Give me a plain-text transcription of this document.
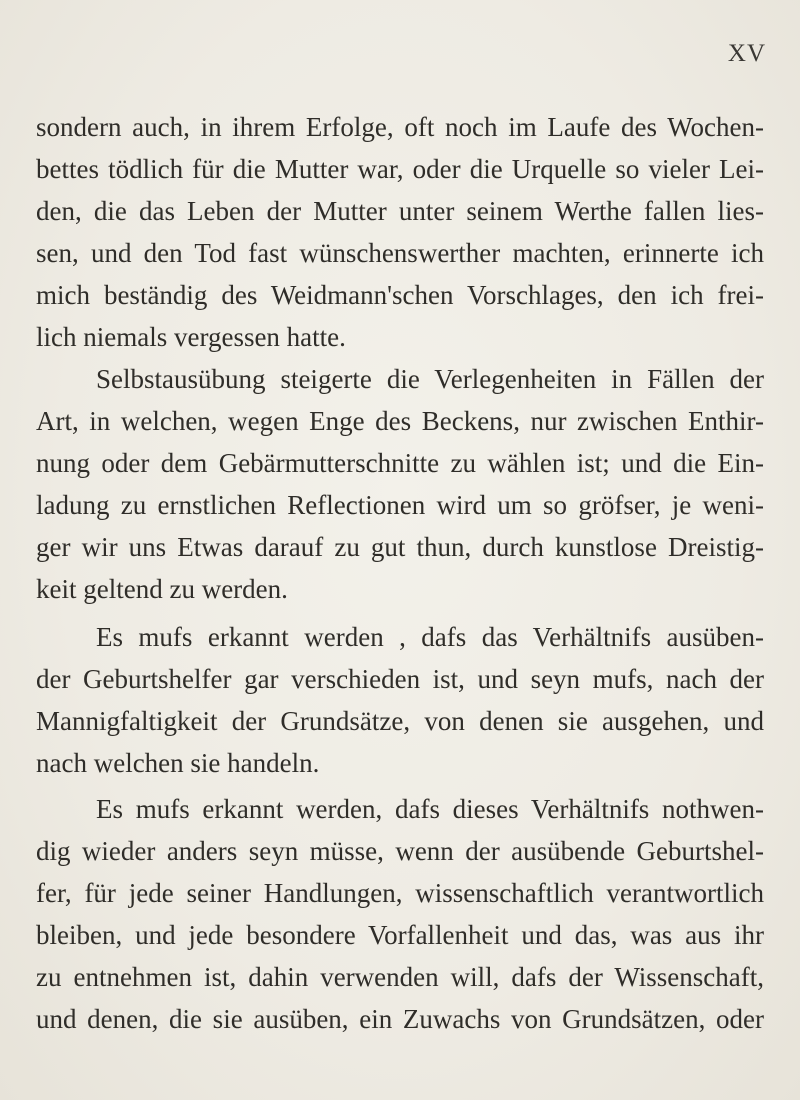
XV
sondern auch, in ihrem Erfolge, oft noch im Laufe des Wochen-
bettes tödlich für die Mutter war, oder die Urquelle so vieler Lei-
den, die das Leben der Mutter unter seinem Werthe fallen lies-
sen, und den Tod fast wünschenswerther machten, erinnerte ich
mich beständig des Weidmann'schen Vorschlages, den ich frei-
lich niemals vergessen hatte.
Selbstausübung steigerte die Verlegenheiten in Fällen der
Art, in welchen, wegen Enge des Beckens, nur zwischen Enthir-
nung oder dem Gebärmutterschnitte zu wählen ist; und die Ein-
ladung zu ernstlichen Reflectionen wird um so gröfser, je weni-
ger wir uns Etwas darauf zu gut thun, durch kunstlose Dreistig-
keit geltend zu werden.
Es mufs erkannt werden , dafs das Verhältnifs ausüben-
der Geburtshelfer gar verschieden ist, und seyn mufs, nach der
Mannigfaltigkeit der Grundsätze, von denen sie ausgehen, und
nach welchen sie handeln.
Es mufs erkannt werden, dafs dieses Verhältnifs nothwen-
dig wieder anders seyn müsse, wenn der ausübende Geburtshel-
fer, für jede seiner Handlungen, wissenschaftlich verantwortlich
bleiben, und jede besondere Vorfallenheit und das, was aus ihr
zu entnehmen ist, dahin verwenden will, dafs der Wissenschaft,
und denen, die sie ausüben, ein Zuwachs von Grundsätzen, oder
